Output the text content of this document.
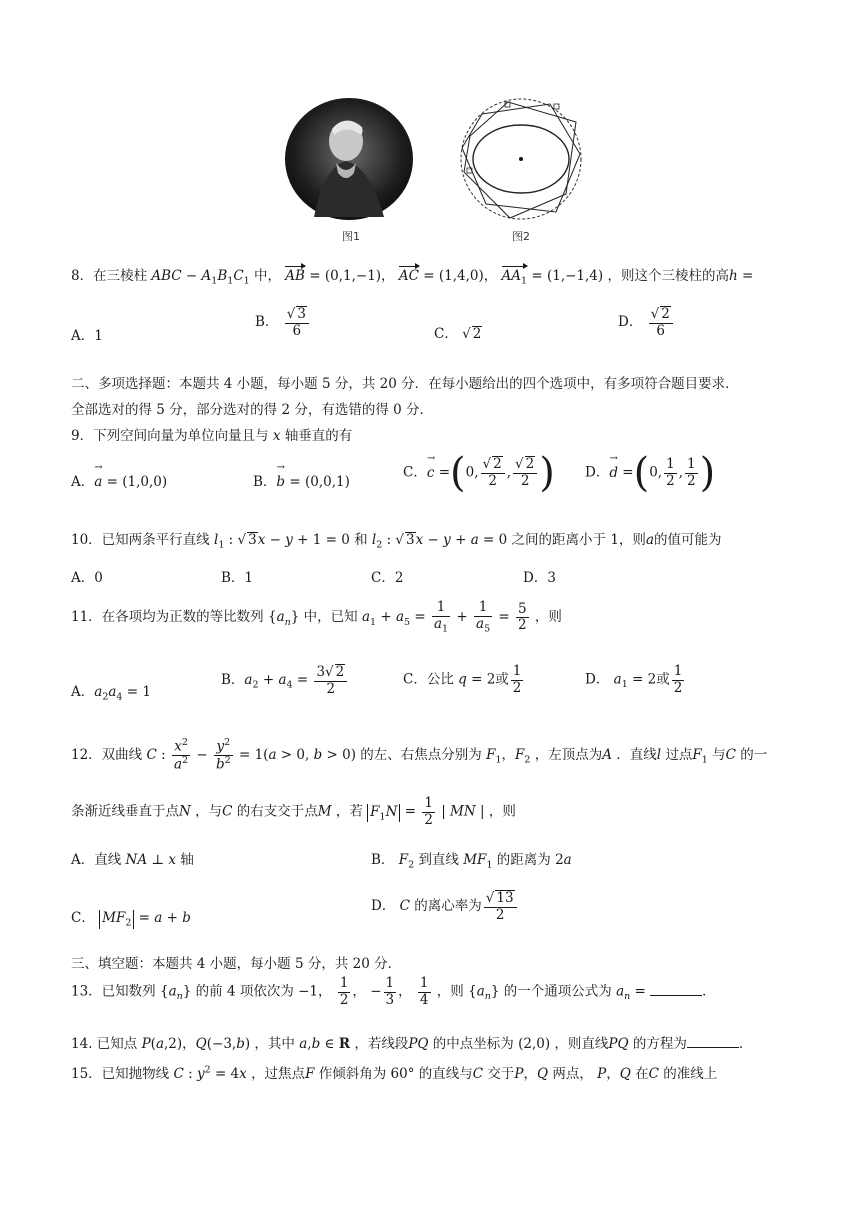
图1	图2
8．在三棱柱 ABC − $A_1B_1C_1$ 中， AB = (0,1,−1)， AC = (1,4,0)， $AA_1 = (1,-1,4)$ ，则这个三棱柱的高h =
A．1
B． $\frac{√ 3}{6}$	C． √ 2
D． $\frac{√ 2}{6}$
二、多项选择题：本题共 4 小题，每小题 5 分，共 20 分．在每小题给出的四个选项中，有多项符合题目要求．
全部选对的得 5 分，部分选对的得 2 分，有选错的得 0 分．
9．下列空间向量为单位向量且与 x 轴垂直的有
A．→ a = (1,0,0)	B．→ b = (0,0,1)
C．→ c =(0, $\frac{√ 2}{2}$ , $\frac{√ 2}{2}$ ) D．→ d =(0, $\frac{1}{2}$ , $\frac{1}{2}$ )
10．已知两条平行直线 $l_1$ : √ 3x − y + 1 = 0 和 $l_2$ : √ 3x − y + a = 0 之间的距离小于 1，则a的值可能为
A．0	B．1	C．2	D．3
11．在各项均为正数的等比数列 $\{a_n\}$ 中，已知 $a_1 + a_5 = \frac{1}{a_1} + \frac{1}{a_5} = \frac{5}{2}$ ，则
A．$a_2a_4 = 1$
B．$a_2 + a_4 = \frac{3√ 2}{2}$	C．公比 q = 2或 $\frac{1}{2}$	D． $a_1 = 2$或 $\frac{1}{2}$
12．双曲线 C : $\frac{x^2}{a^2} - \frac{y^2}{b^2} = 1(a > 0$, b > 0) 的左、右焦点分别为 $F_1$，$F_2$ ，左顶点为A ．直线l 过点$F_1$ 与C 的一
条渐近线垂直于点N ，与C 的右支交于点M ，若 $F_1N = \frac{1}{2}$ | MN | ，则
A．直线 NA ⊥ x 轴	B． $F_2$ 到直线 $MF_1$ 的距离为 2a
C． $MF_2 = a + b$
D． C 的离心率为 $\frac{√ 13}{2}$
三、填空题：本题共 4 小题，每小题 5 分，共 20 分．
13．已知数列 $\{a_n\}$ 的前 4 项依次为 −1， $\frac{1}{2}$ ， − $\frac{1}{3}$ ， $\frac{1}{4}$ ，则 $\{a_n\}$ 的一个通项公式为 $a_n$ =	．
14. 已知点 P(a,2)，Q(−3,b) ，其中 a,b ∈ R ，若线段PQ 的中点坐标为 (2,0) ，则直线PQ 的方程为	．
15．已知抛物线 C : $y^2 = 4x$ ，过焦点F 作倾斜角为 60° 的直线与C 交于P，Q 两点， P，Q 在C 的准线上
